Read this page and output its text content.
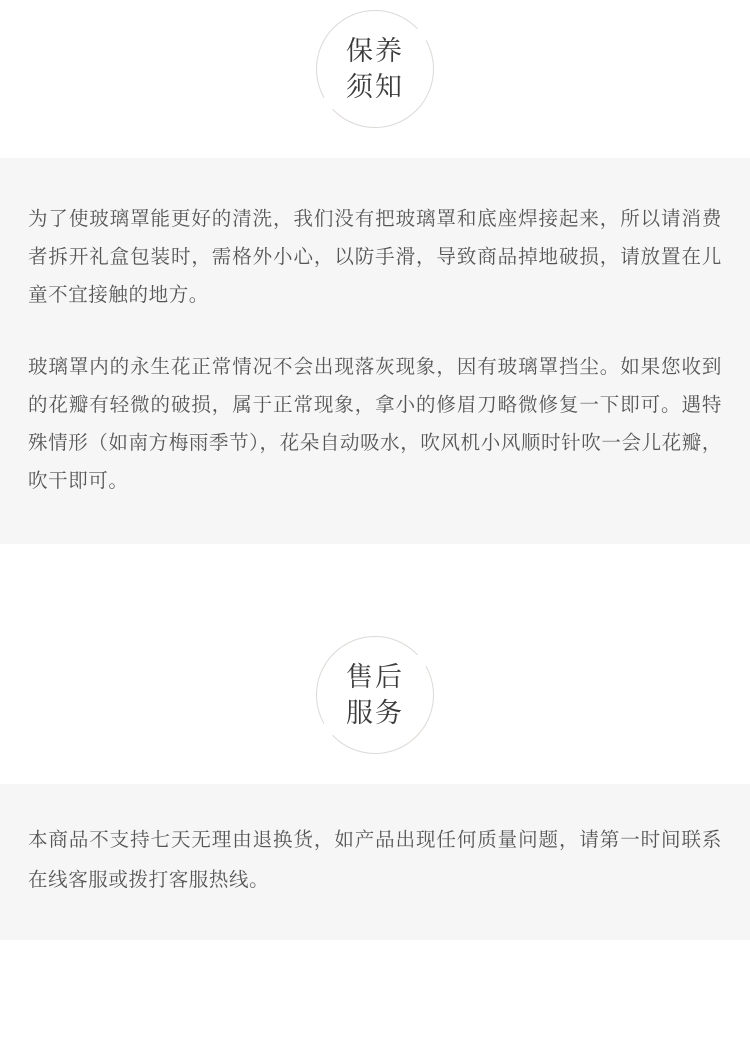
保养
须知

为了使玻璃罩能更好的清洗，我们没有把玻璃罩和底座焊接起来，所以请消费者拆开礼盒包装时，需格外小心，以防手滑，导致商品掉地破损，请放置在儿童不宜接触的地方。

玻璃罩内的永生花正常情况不会出现落灰现象，因有玻璃罩挡尘。如果您收到的花瓣有轻微的破损，属于正常现象，拿小的修眉刀略微修复一下即可。遇特殊情形（如南方梅雨季节），花朵自动吸水，吹风机小风顺时针吹一会儿花瓣，吹干即可。

售后
服务

本商品不支持七天无理由退换货，如产品出现任何质量问题，请第一时间联系在线客服或拨打客服热线。
